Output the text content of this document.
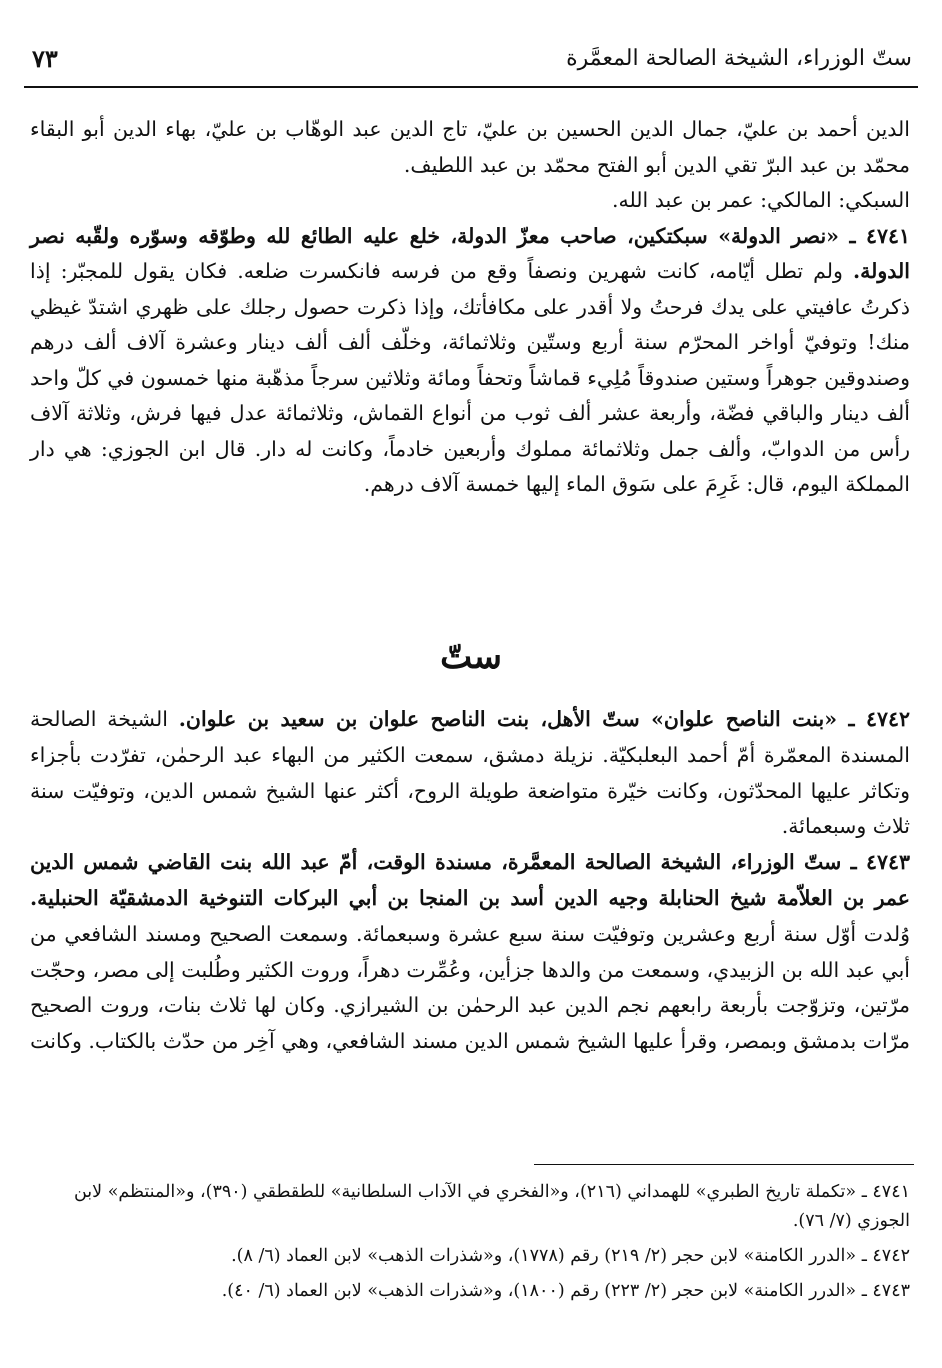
ستّ الوزراء، الشيخة الصالحة المعمَّرة
٧٣

الدين أحمد بن عليّ، جمال الدين الحسين بن عليّ، تاج الدين عبد الوهّاب بن عليّ، بهاء الدين أبو البقاء محمّد بن عبد البرّ تقي الدين أبو الفتح محمّد بن عبد اللطيف.

السبكي: المالكي: عمر بن عبد الله.

٤٧٤١ ـ «نصر الدولة» سبكتكين، صاحب معزّ الدولة، خلع عليه الطائع لله وطوّقه وسوّره ولقّبه نصر الدولة. ولم تطل أيّامه، كانت شهرين ونصفاً وقع من فرسه فانكسرت ضلعه. فكان يقول للمجبّر: إذا ذكرتُ عافيتي على يدك فرحتُ ولا أقدر على مكافأتك، وإذا ذكرت حصول رجلك على ظهري اشتدّ غيظي منك! وتوفيّ أواخر المحرّم سنة أربع وستّين وثلاثمائة، وخلّف ألف ألف دينار وعشرة آلاف ألف درهم وصندوقين جوهراً وستين صندوقاً مُلِيء قماشاً وتحفاً ومائة وثلاثين سرجاً مذهّبة منها خمسون في كلّ واحد ألف دينار والباقي فضّة، وأربعة عشر ألف ثوب من أنواع القماش، وثلاثمائة عدل فيها فرش، وثلاثة آلاف رأس من الدوابّ، وألف جمل وثلاثمائة مملوك وأربعين خادماً، وكانت له دار. قال ابن الجوزي: هي دار المملكة اليوم، قال: غَرِمَ على سَوق الماء إليها خمسة آلاف درهم.

ستّ

٤٧٤٢ ـ «بنت الناصح علوان» ستّ الأهل، بنت الناصح علوان بن سعيد بن علوان. الشيخة الصالحة المسندة المعمّرة أمّ أحمد البعلبكيّة. نزيلة دمشق، سمعت الكثير من البهاء عبد الرحمٰن، تفرّدت بأجزاء وتكاثر عليها المحدّثون، وكانت خيّرة متواضعة طويلة الروح، أكثر عنها الشيخ شمس الدين، وتوفيّت سنة ثلاث وسبعمائة.

٤٧٤٣ ـ ستّ الوزراء، الشيخة الصالحة المعمَّرة، مسندة الوقت، أمّ عبد الله بنت القاضي شمس الدين عمر بن العلاّمة شيخ الحنابلة وجيه الدين أسد بن المنجا بن أبي البركات التنوخية الدمشقيّة الحنبلية. وُلدت أوّل سنة أربع وعشرين وتوفيّت سنة سبع عشرة وسبعمائة. وسمعت الصحيح ومسند الشافعي من أبي عبد الله بن الزبيدي، وسمعت من والدها جزأين، وعُمِّرت دهراً، وروت الكثير وطُلبت إلى مصر، وحجّت مرّتين، وتزوّجت بأربعة رابعهم نجم الدين عبد الرحمٰن بن الشيرازي. وكان لها ثلاث بنات، وروت الصحيح مرّات بدمشق وبمصر، وقرأ عليها الشيخ شمس الدين مسند الشافعي، وهي آخِر من حدّث بالكتاب. وكانت

٤٧٤١ ـ «تكملة تاريخ الطبري» للهمداني (٢١٦)، و«الفخري في الآداب السلطانية» للطقطقي (٣٩٠)، و«المنتظم» لابن الجوزي (٧/ ٧٦).

٤٧٤٢ ـ «الدرر الكامنة» لابن حجر (٢/ ٢١٩) رقم (١٧٧٨)، و«شذرات الذهب» لابن العماد (٦/ ٨).

٤٧٤٣ ـ «الدرر الكامنة» لابن حجر (٢/ ٢٢٣) رقم (١٨٠٠)، و«شذرات الذهب» لابن العماد (٦/ ٤٠).
